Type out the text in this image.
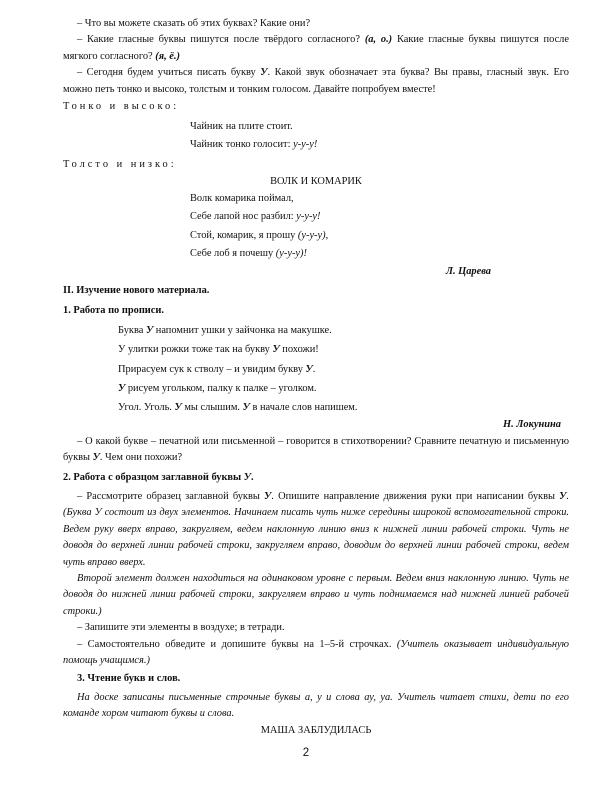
– Что вы можете сказать об этих буквах? Какие они?

– Какие гласные буквы пишутся после твёрдого согласного? (а, о.) Какие гласные буквы пишутся после мягкого согласного? (я, ё.)

– Сегодня будем учиться писать букву У. Какой звук обозначает эта буква? Вы правы, гласный звук. Его можно петь тонко и высоко, толстым и тонким голосом. Давайте попробуем вместе!

Тонко и высоко:

Чайник на плите стоит.

Чайник тонко голосит: у-у-у!

Толсто и низко:

ВОЛК И КОМАРИК

Волк комарика поймал,

Себе лапой нос разбил: у-у-у!

Стой, комарик, я прошу (у-у-у),

Себе лоб я почешу (у-у-у)!

Л. Царева

II. Изучение нового материала.

1. Работа по прописи.

Буква У напомнит ушки у зайчонка на макушке.

У улитки рожки тоже так на букву У похожи!

Прирасуем сук к стволу – и увидим букву У.

У рисуем угольком, палку к палке – уголком.

Угол. Уголь. У мы слышим. У в начале слов напишем.

Н. Локунина

– О какой букве – печатной или письменной – говорится в стихотворении? Сравните печатную и письменную буквы У. Чем они похожи?

2. Работа с образцом заглавной буквы У.

– Рассмотрите образец заглавной буквы У. Опишите направление движения руки при написании буквы У. (Буква У состоит из двух элементов. Начинаем писать чуть ниже середины широкой вспомогательной строки. Ведем руку вверх вправо, закругляем, ведем наклонную линию вниз к нижней линии рабочей строки. Чуть не доводя до верхней линии рабочей строки, закругляем вправо, доводим до верхней линии рабочей строки, ведем чуть вправо вверх.

Второй элемент должен находиться на одинаковом уровне с первым. Ведем вниз наклонную линию. Чуть не доводя до нижней линии рабочей строки, закругляем вправо и чуть поднимаемся над нижней линией рабочей строки.)

– Запишите эти элементы в воздухе; в тетради.

– Самостоятельно обведите и допишите буквы на 1–5-й строчках. (Учитель оказывает индивидуальную помощь учащимся.)

3. Чтение букв и слов.

На доске записаны письменные строчные буквы а, у и слова ау, уа. Учитель читает стихи, дети по его команде хором читают буквы и слова.

МАША ЗАБЛУДИЛАСЬ

2
